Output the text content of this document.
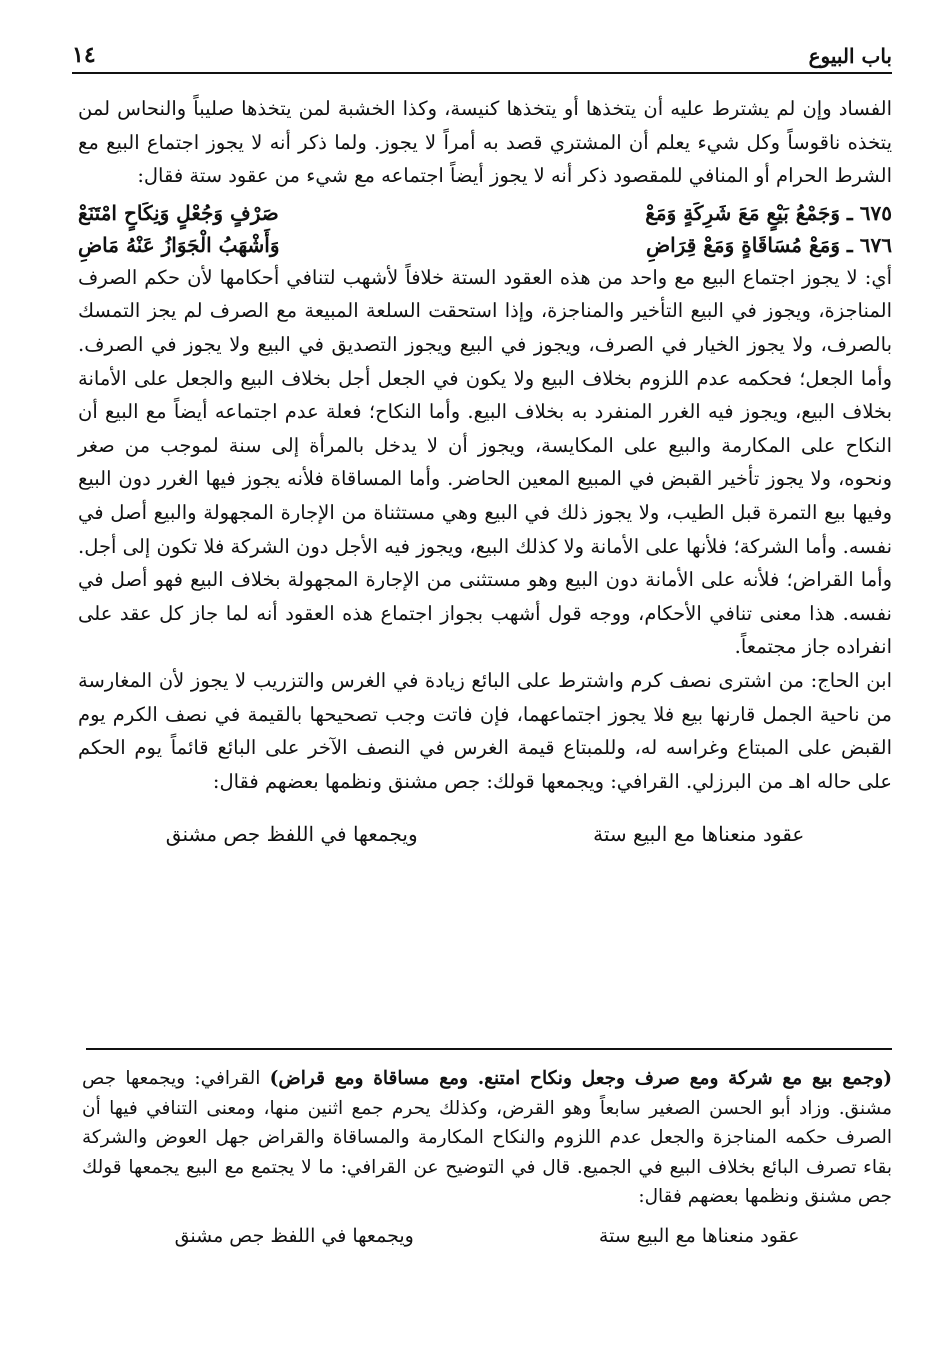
باب البيوع
١٤

الفساد وإن لم يشترط عليه أن يتخذها أو يتخذها كنيسة، وكذا الخشبة لمن يتخذها صليباً والنحاس لمن يتخذه ناقوساً وكل شيء يعلم أن المشتري قصد به أمراً لا يجوز. ولما ذكر أنه لا يجوز اجتماع البيع مع الشرط الحرام أو المنافي للمقصود ذكر أنه لا يجوز أيضاً اجتماعه مع شيء من عقود ستة فقال:

٦٧٥ ـ وَجَمْعُ بَيْعٍ مَعَ شَرِكَةٍ وَمَعْ
صَرْفٍ وَجُعْلٍ وَنِكَاحٍ امْتَنَعْ
٦٧٦ ـ وَمَعْ مُسَاقَاةٍ وَمَعْ قِرَاضِ
وَأَشْهَبُ الْجَوَازُ عَنْهُ مَاضِ

أي: لا يجوز اجتماع البيع مع واحد من هذه العقود الستة خلافاً لأشهب لتنافي أحكامها لأن حكم الصرف المناجزة، ويجوز في البيع التأخير والمناجزة، وإذا استحقت السلعة المبيعة مع الصرف لم يجز التمسك بالصرف، ولا يجوز الخيار في الصرف، ويجوز في البيع ويجوز التصديق في البيع ولا يجوز في الصرف. وأما الجعل؛ فحكمه عدم اللزوم بخلاف البيع ولا يكون في الجعل أجل بخلاف البيع والجعل على الأمانة بخلاف البيع، ويجوز فيه الغرر المنفرد به بخلاف البيع. وأما النكاح؛ فعلة عدم اجتماعه أيضاً مع البيع أن النكاح على المكارمة والبيع على المكايسة، ويجوز أن لا يدخل بالمرأة إلى سنة لموجب من صغر ونحوه، ولا يجوز تأخير القبض في المبيع المعين الحاضر. وأما المساقاة فلأنه يجوز فيها الغرر دون البيع وفيها بيع التمرة قبل الطيب، ولا يجوز ذلك في البيع وهي مستثناة من الإجارة المجهولة والبيع أصل في نفسه. وأما الشركة؛ فلأنها على الأمانة ولا كذلك البيع، ويجوز فيه الأجل دون الشركة فلا تكون إلى أجل. وأما القراض؛ فلأنه على الأمانة دون البيع وهو مستثنى من الإجارة المجهولة بخلاف البيع فهو أصل في نفسه. هذا معنى تنافي الأحكام، ووجه قول أشهب بجواز اجتماع هذه العقود أنه لما جاز كل عقد على انفراده جاز مجتمعاً.

ابن الحاج: من اشترى نصف كرم واشترط على البائع زيادة في الغرس والتزريب لا يجوز لأن المغارسة من ناحية الجمل قارنها بيع فلا يجوز اجتماعهما، فإن فاتت وجب تصحيحها بالقيمة في نصف الكرم يوم القبض على المبتاع وغراسه له، وللمبتاع قيمة الغرس في النصف الآخر على البائع قائماً يوم الحكم على حاله اهـ من البرزلي. القرافي: ويجمعها قولك: جص مشنق ونظمها بعضهم فقال:

عقود منعناها مع البيع ستة
ويجمعها في اللفظ جص مشنق

(وجمع بيع مع شركة ومع صرف وجعل ونكاح امتنع. ومع مساقاة ومع قراض) القرافي: ويجمعها جص مشنق. وزاد أبو الحسن الصغير سابعاً وهو القرض، وكذلك يحرم جمع اثنين منها، ومعنى التنافي فيها أن الصرف حكمه المناجزة والجعل عدم اللزوم والنكاح المكارمة والمساقاة والقراض جهل العوض والشركة بقاء تصرف البائع بخلاف البيع في الجميع. قال في التوضيح عن القرافي: ما لا يجتمع مع البيع يجمعها قولك جص مشنق ونظمها بعضهم فقال:

عقود منعناها مع البيع ستة
ويجمعها في اللفظ جص مشنق
